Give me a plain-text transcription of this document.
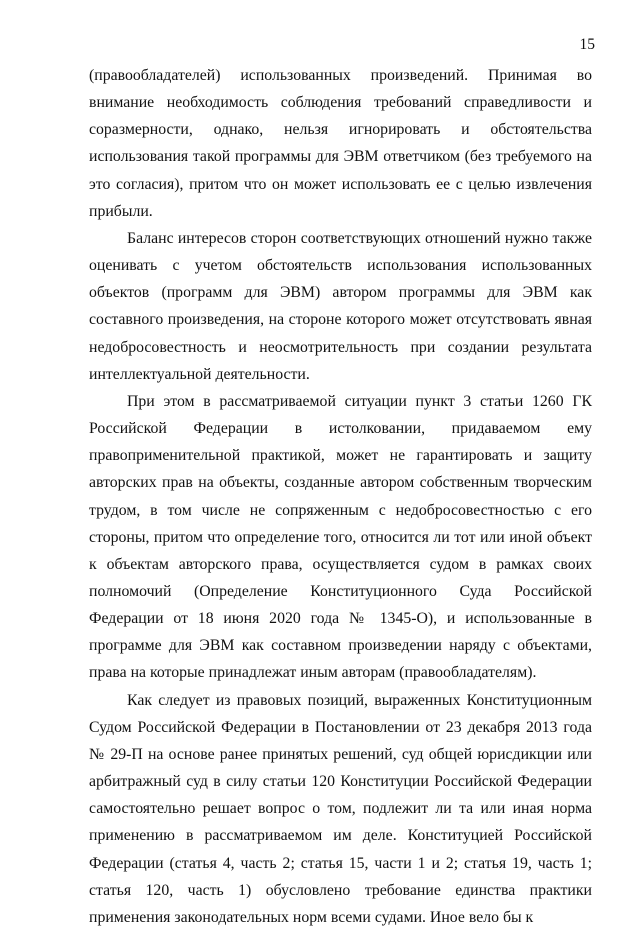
15

(правообладателей) использованных произведений. Принимая во внимание необходимость соблюдения требований справедливости и соразмерности, однако, нельзя игнорировать и обстоятельства использования такой программы для ЭВМ ответчиком (без требуемого на это согласия), притом что он может использовать ее с целью извлечения прибыли.

Баланс интересов сторон соответствующих отношений нужно также оценивать с учетом обстоятельств использования использованных объектов (программ для ЭВМ) автором программы для ЭВМ как составного произведения, на стороне которого может отсутствовать явная недобросовестность и неосмотрительность при создании результата интеллектуальной деятельности.

При этом в рассматриваемой ситуации пункт 3 статьи 1260 ГК Российской Федерации в истолковании, придаваемом ему правоприменительной практикой, может не гарантировать и защиту авторских прав на объекты, созданные автором собственным творческим трудом, в том числе не сопряженным с недобросовестностью с его стороны, притом что определение того, относится ли тот или иной объект к объектам авторского права, осуществляется судом в рамках своих полномочий (Определение Конституционного Суда Российской Федерации от 18 июня 2020 года № 1345-О), и использованные в программе для ЭВМ как составном произведении наряду с объектами, права на которые принадлежат иным авторам (правообладателям).

Как следует из правовых позиций, выраженных Конституционным Судом Российской Федерации в Постановлении от 23 декабря 2013 года № 29-П на основе ранее принятых решений, суд общей юрисдикции или арбитражный суд в силу статьи 120 Конституции Российской Федерации самостоятельно решает вопрос о том, подлежит ли та или иная норма применению в рассматриваемом им деле. Конституцией Российской Федерации (статья 4, часть 2; статья 15, части 1 и 2; статья 19, часть 1; статья 120, часть 1) обусловлено требование единства практики применения законодательных норм всеми судами. Иное вело бы к
